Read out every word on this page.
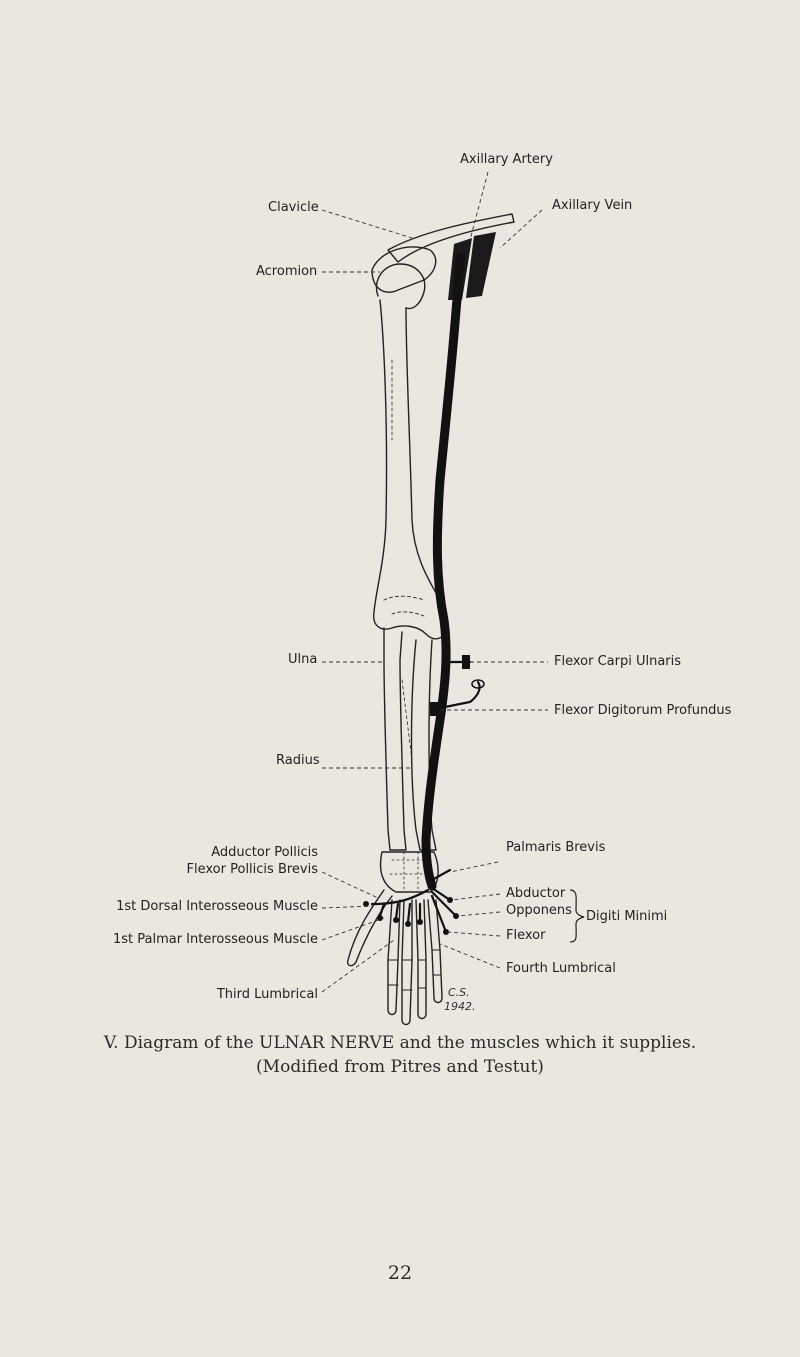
Axillary Artery
Axillary Vein
Clavicle
Acromion
Ulna
Radius
Flexor Carpi Ulnaris
Flexor Digitorum Profundus
Adductor Pollicis
Flexor Pollicis Brevis
1st Dorsal Interosseous Muscle
1st Palmar Interosseous Muscle
Third Lumbrical
Palmaris Brevis
Abductor
Opponens
Flexor
Digiti Minimi
Fourth Lumbrical
C.S.
1942.
V. Diagram of the ULNAR NERVE and the muscles which it supplies.
(Modified from Pitres and Testut)
22
